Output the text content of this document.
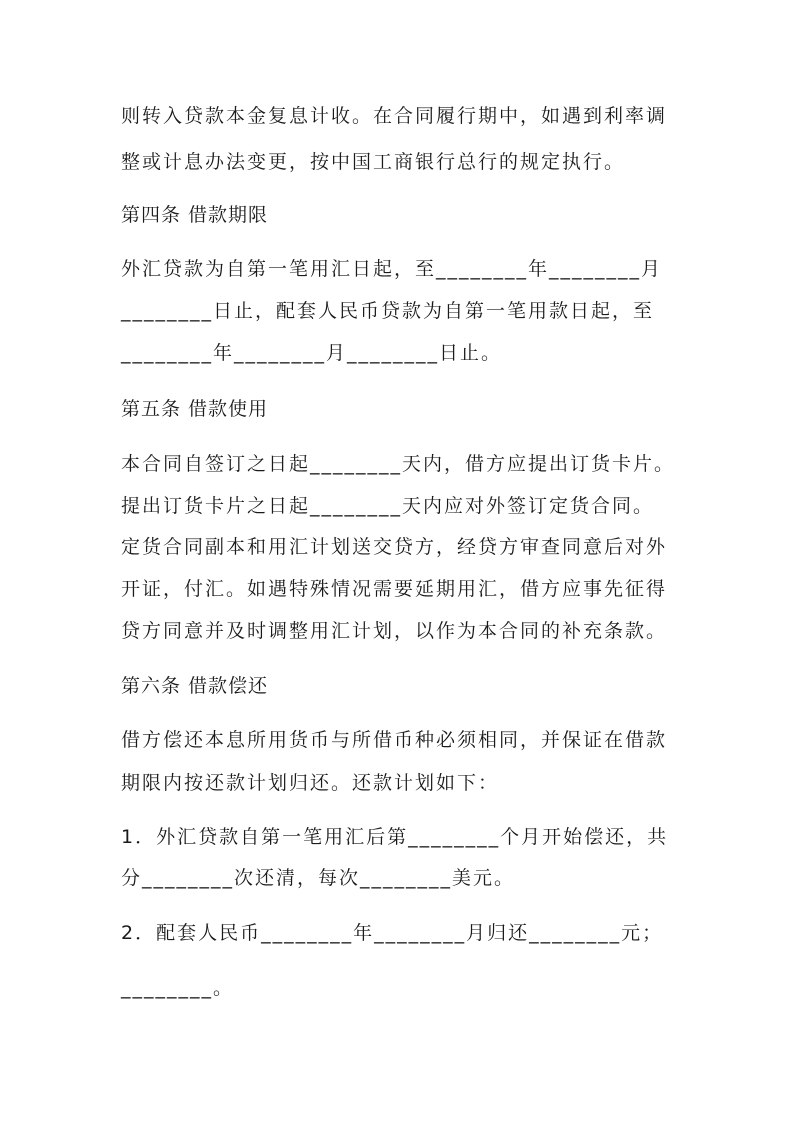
则转入贷款本金复息计收。在合同履行期中，如遇到利率调
整或计息办法变更，按中国工商银行总行的规定执行。
第四条 借款期限
外汇贷款为自第一笔用汇日起，至________年________月
________日止，配套人民币贷款为自第一笔用款日起，至
________年________月________日止。
第五条 借款使用
本合同自签订之日起________天内，借方应提出订货卡片。
提出订货卡片之日起________天内应对外签订定货合同。
定货合同副本和用汇计划送交贷方，经贷方审查同意后对外
开证，付汇。如遇特殊情况需要延期用汇，借方应事先征得
贷方同意并及时调整用汇计划，以作为本合同的补充条款。
第六条 借款偿还
借方偿还本息所用货币与所借币种必须相同，并保证在借款
期限内按还款计划归还。还款计划如下：
1．外汇贷款自第一笔用汇后第________个月开始偿还，共
分________次还清，每次________美元。
2．配套人民币________年________月归还________元；
________。
